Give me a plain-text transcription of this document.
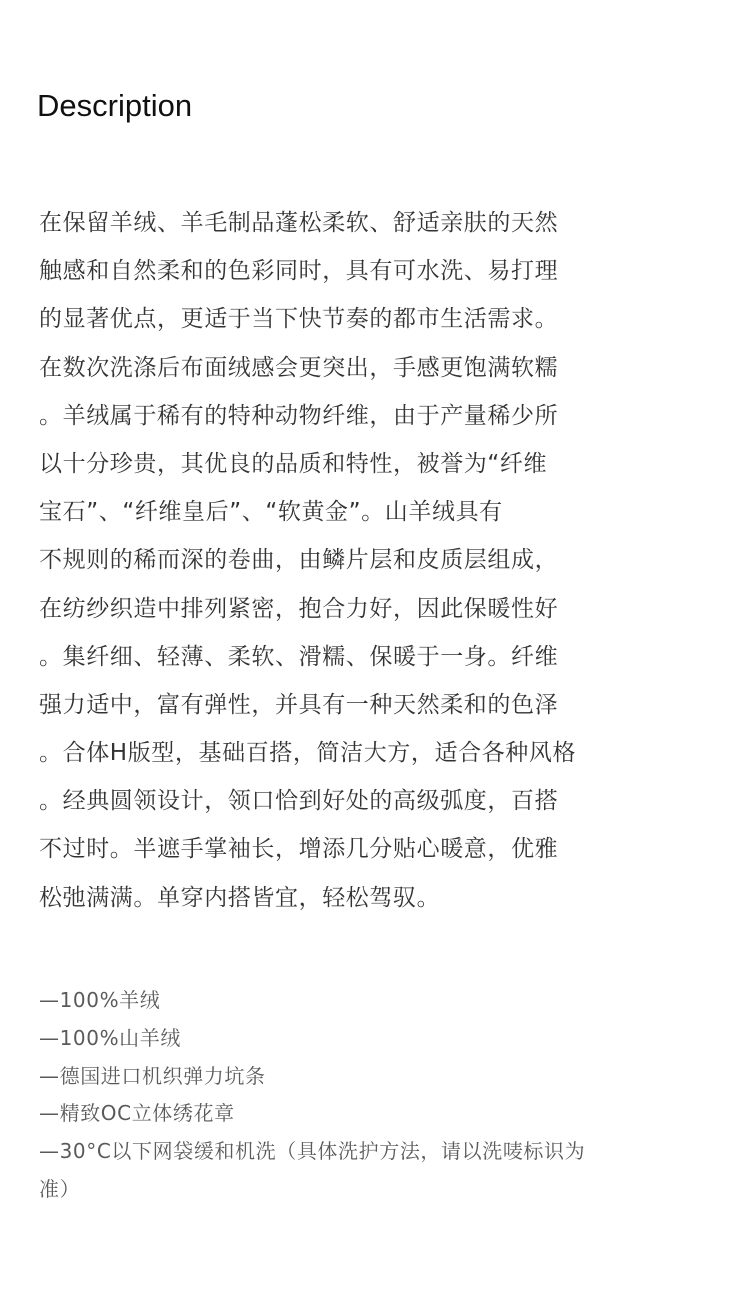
Description
在保留羊绒、羊毛制品蓬松柔软、舒适亲肤的天然
触感和自然柔和的色彩同时，具有可水洗、易打理
的显著优点，更适于当下快节奏的都市生活需求。
在数次洗涤后布面绒感会更突出，手感更饱满软糯
。羊绒属于稀有的特种动物纤维，由于产量稀少所
以十分珍贵，其优良的品质和特性，被誉为“纤维
宝石”、“纤维皇后”、“软黄金”。山羊绒具有
不规则的稀而深的卷曲，由鳞片层和皮质层组成，
在纺纱织造中排列紧密，抱合力好，因此保暖性好
。集纤细、轻薄、柔软、滑糯、保暖于一身。纤维
强力适中，富有弹性，并具有一种天然柔和的色泽
。合体H版型，基础百搭，简洁大方，适合各种风格
。经典圆领设计，领口恰到好处的高级弧度，百搭
不过时。半遮手掌袖长，增添几分贴心暖意，优雅
松弛满满。单穿内搭皆宜，轻松驾驭。
—100%羊绒
—100%山羊绒
—德国进口机织弹力坑条
—精致OC立体绣花章
—30°C以下网袋缓和机洗（具体洗护方法，请以洗唛标识为
准）
